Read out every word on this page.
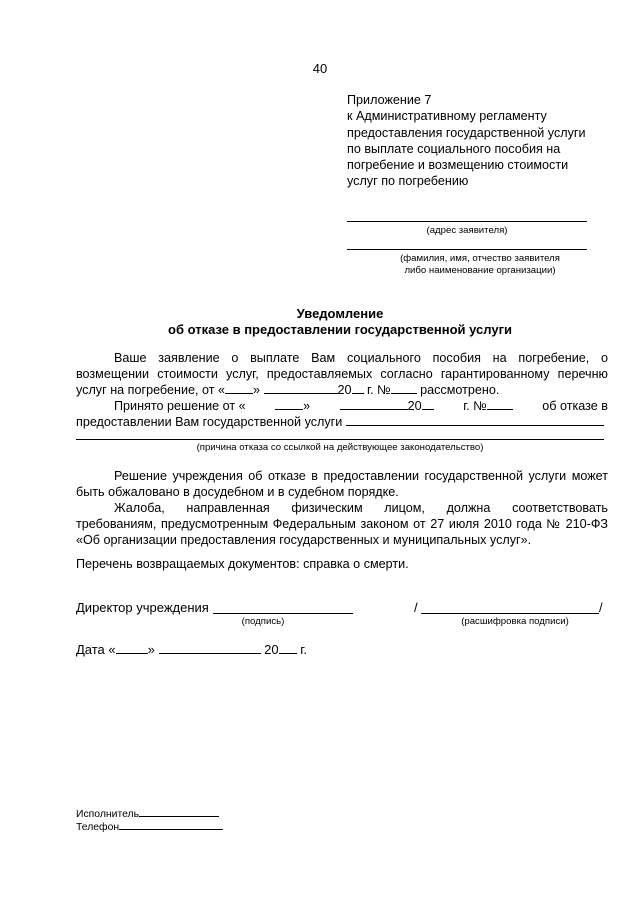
40
Приложение 7
к Административному регламенту
предоставления государственной услуги
по выплате социального пособия на
погребение и возмещению стоимости
услуг по погребению
(адрес заявителя)
(фамилия, имя, отчество заявителя
либо наименование организации)
Уведомление
об отказе в предоставлении государственной услуги
Ваше заявление о выплате Вам социального пособия на погребение, о
возмещении стоимости услуг, предоставляемых согласно гарантированному перечню
услуг на погребение, от « »	20 г. № рассмотрено.
Принято решение от «	»	20	г. №	об отказе в
предоставлении Вам государственной услуги
(причина отказа со ссылкой на действующее законодательство)
Решение учреждения об отказе в предоставлении государственной услуги может
быть обжаловано в досудебном и в судебном порядке.
Жалоба, направленная физическим лицом, должна соответствовать
требованиям, предусмотренным Федеральным законом от 27 июля 2010 года № 210-ФЗ
«Об организации предоставления государственных и муниципальных услуг».
Перечень возвращаемых документов: справка о смерти.
Директор учреждения
(подпись)
/	/
(расшифровка подписи)
Дата « »	20 г.
Исполнитель
Телефон
